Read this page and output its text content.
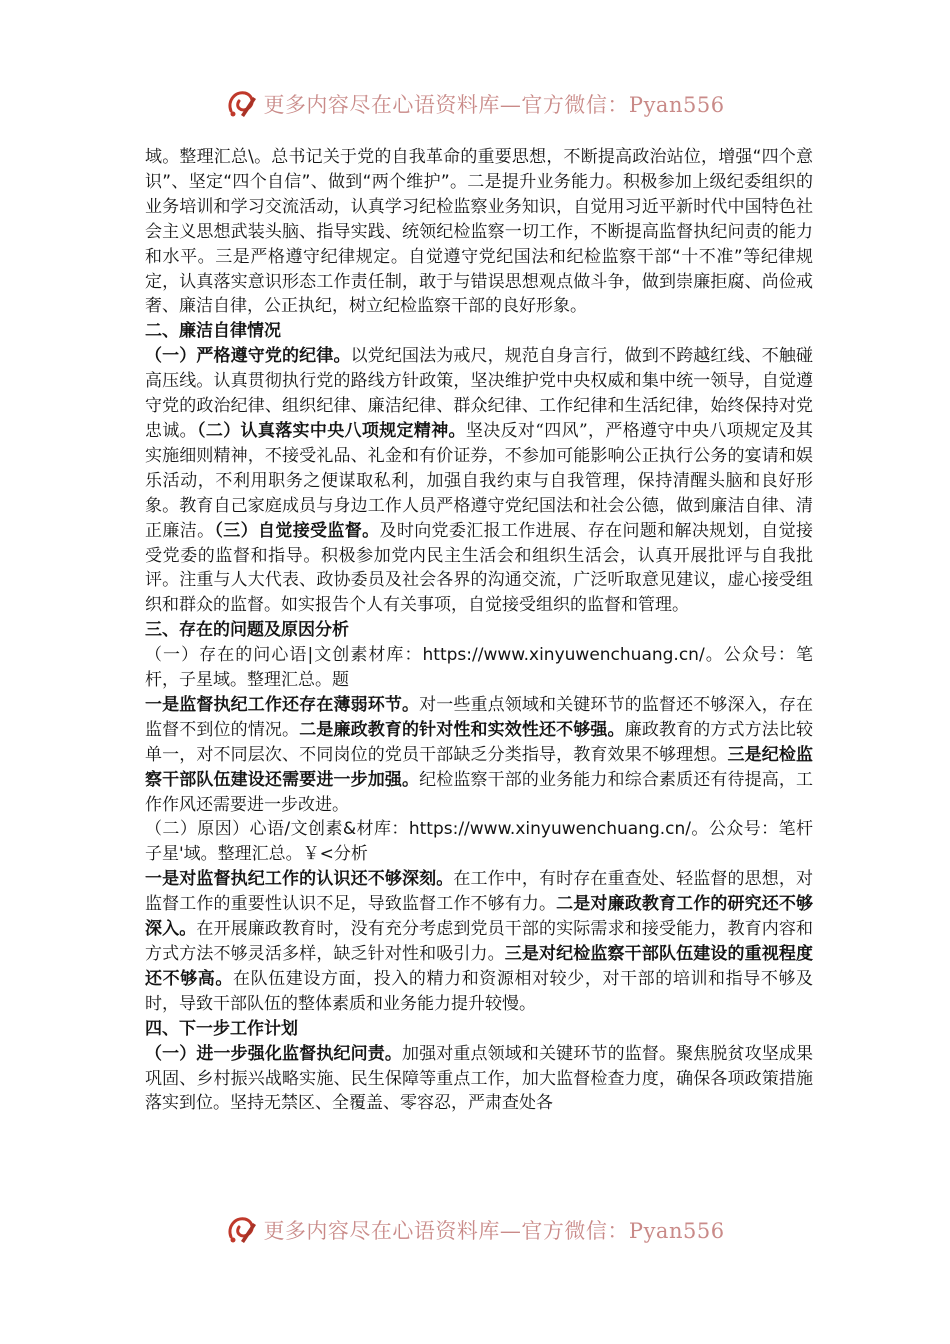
更多内容尽在心语资料库—官方微信：Pyan556

域。整理汇总\。总书记关于党的自我革命的重要思想，不断提高政治站位，增强“四个意识”、坚定“四个自信”、做到“两个维护”。二是提升业务能力。积极参加上级纪委组织的业务培训和学习交流活动，认真学习纪检监察业务知识，自觉用习近平新时代中国特色社会主义思想武装头脑、指导实践、统领纪检监察一切工作，不断提高监督执纪问责的能力和水平。三是严格遵守纪律规定。自觉遵守党纪国法和纪检监察干部“十不准”等纪律规定，认真落实意识形态工作责任制，敢于与错误思想观点做斗争，做到崇廉拒腐、尚俭戒奢、廉洁自律，公正执纪，树立纪检监察干部的良好形象。

二、廉洁自律情况

（一）严格遵守党的纪律。以党纪国法为戒尺，规范自身言行，做到不跨越红线、不触碰高压线。认真贯彻执行党的路线方针政策，坚决维护党中央权威和集中统一领导，自觉遵守党的政治纪律、组织纪律、廉洁纪律、群众纪律、工作纪律和生活纪律，始终保持对党忠诚。（二）认真落实中央八项规定精神。坚决反对“四风”，严格遵守中央八项规定及其实施细则精神，不接受礼品、礼金和有价证券，不参加可能影响公正执行公务的宴请和娱乐活动，不利用职务之便谋取私利，加强自我约束与自我管理，保持清醒头脑和良好形象。教育自己家庭成员与身边工作人员严格遵守党纪国法和社会公德，做到廉洁自律、清正廉洁。（三）自觉接受监督。及时向党委汇报工作进展、存在问题和解决规划，自觉接受党委的监督和指导。积极参加党内民主生活会和组织生活会，认真开展批评与自我批评。注重与人大代表、政协委员及社会各界的沟通交流，广泛听取意见建议，虚心接受组织和群众的监督。如实报告个人有关事项，自觉接受组织的监督和管理。

三、存在的问题及原因分析

（一）存在的问心语|文创素材库：https://www.xinyuwenchuang.cn/。公众号：笔杆，子星域。整理汇总。题

一是监督执纪工作还存在薄弱环节。对一些重点领域和关键环节的监督还不够深入，存在监督不到位的情况。二是廉政教育的针对性和实效性还不够强。廉政教育的方式方法比较单一，对不同层次、不同岗位的党员干部缺乏分类指导，教育效果不够理想。三是纪检监察干部队伍建设还需要进一步加强。纪检监察干部的业务能力和综合素质还有待提高，工作作风还需要进一步改进。

（二）原因）心语/文创素&材库：https://www.xinyuwenchuang.cn/。公众号：笔杆子星'域。整理汇总。￥<分析

一是对监督执纪工作的认识还不够深刻。在工作中，有时存在重查处、轻监督的思想，对监督工作的重要性认识不足，导致监督工作不够有力。二是对廉政教育工作的研究还不够深入。在开展廉政教育时，没有充分考虑到党员干部的实际需求和接受能力，教育内容和方式方法不够灵活多样，缺乏针对性和吸引力。三是对纪检监察干部队伍建设的重视程度还不够高。在队伍建设方面，投入的精力和资源相对较少，对干部的培训和指导不够及时，导致干部队伍的整体素质和业务能力提升较慢。

四、下一步工作计划

（一）进一步强化监督执纪问责。加强对重点领域和关键环节的监督。聚焦脱贫攻坚成果巩固、乡村振兴战略实施、民生保障等重点工作，加大监督检查力度，确保各项政策措施落实到位。坚持无禁区、全覆盖、零容忍，严肃查处各

更多内容尽在心语资料库—官方微信：Pyan556
